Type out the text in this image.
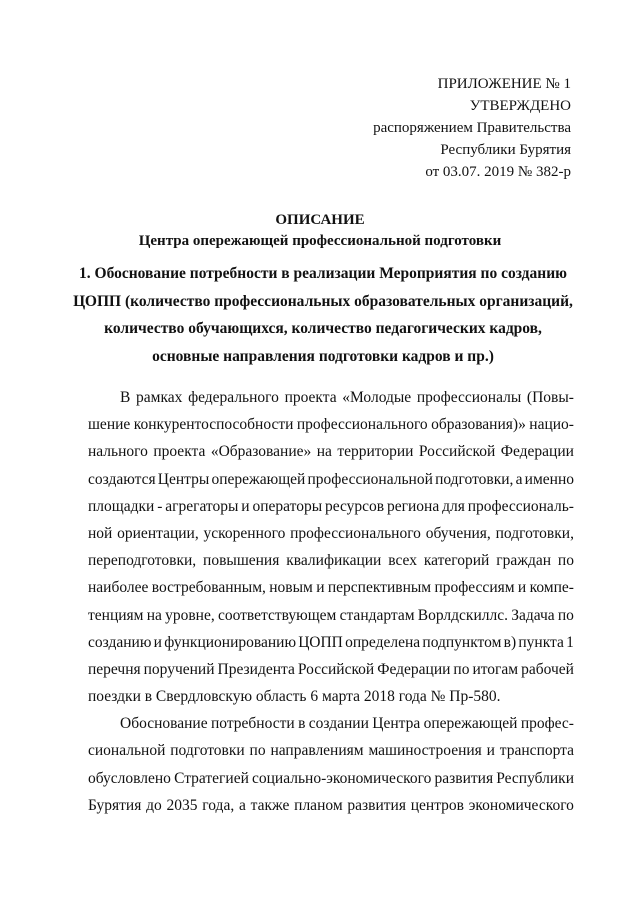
ПРИЛОЖЕНИЕ № 1
УТВЕРЖДЕНО
распоряжением Правительства
Республики Бурятия
от 03.07. 2019 № 382-р
ОПИСАНИЕ
Центра опережающей профессиональной подготовки
1. Обоснование потребности в реализации Мероприятия по созданию
ЦОПП (количество профессиональных образовательных организаций,
количество обучающихся, количество педагогических кадров,
основные направления подготовки кадров и пр.)
В рамках федерального проекта «Молодые профессионалы (Повы-
шение конкурентоспособности профессионального образования)» нацио-
нального проекта «Образование» на территории Российской Федерации
создаются Центры опережающей профессиональной подготовки, а именно
площадки - агрегаторы и операторы ресурсов региона для профессиональ-
ной ориентации, ускоренного профессионального обучения, подготовки,
переподготовки, повышения квалификации всех категорий граждан по
наиболее востребованным, новым и перспективным профессиям и компе-
тенциям на уровне, соответствующем стандартам Ворлдскиллс. Задача по
созданию и функционированию ЦОПП определена подпунктом в) пункта 1
перечня поручений Президента Российской Федерации по итогам рабочей
поездки в Свердловскую область 6 марта 2018 года № Пр-580.
Обоснование потребности в создании Центра опережающей профес-
сиональной подготовки по направлениям машиностроения и транспорта
обусловлено Стратегией социально-экономического развития Республики
Бурятия до 2035 года, а также планом развития центров экономического
